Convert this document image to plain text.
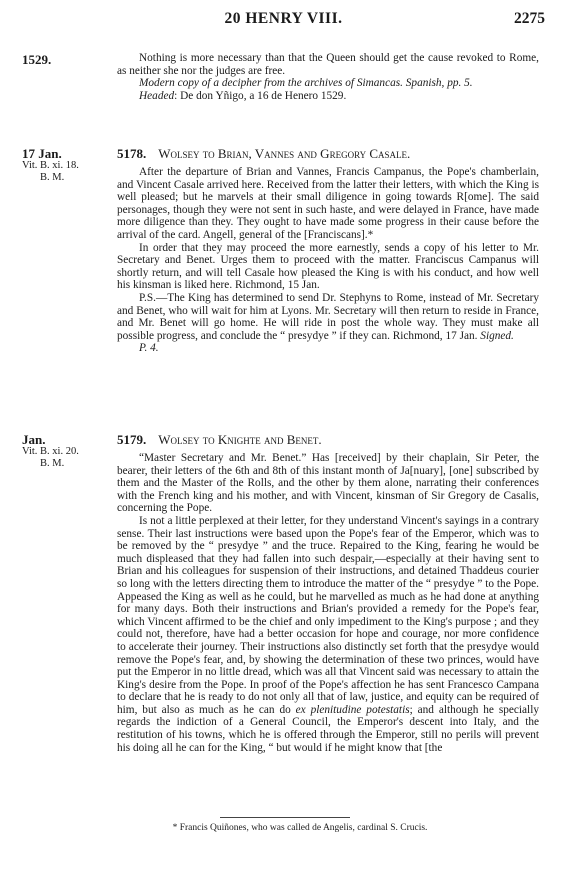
20 HENRY VIII.	2275
1529.	Nothing is more necessary than that the Queen should get the cause revoked to Rome, as neither she nor the judges are free.

Modern copy of a decipher from the archives of Simancas. Spanish, pp. 5.

Headed: De don Yñigo, a 16 de Henero 1529.

17 Jan.
Vit. B. xi. 18.
B. M.
5178. Wolsey to Brian, Vannes and Gregory Casale.

After the departure of Brian and Vannes, Francis Campanus, the Pope's chamberlain, and Vincent Casale arrived here. Received from the latter their letters, with which the King is well pleased; but he marvels at their small diligence in going towards R[ome]. The said personages, though they were not sent in such haste, and were delayed in France, have made more diligence than they. They ought to have made some progress in their cause before the arrival of the card. Angell, general of the [Franciscans].*

In order that they may proceed the more earnestly, sends a copy of his letter to Mr. Secretary and Benet. Urges them to proceed with the matter. Franciscus Campanus will shortly return, and will tell Casale how pleased the King is with his conduct, and how well his kinsman is liked here. Richmond, 15 Jan.

P.S.—The King has determined to send Dr. Stephyns to Rome, instead of Mr. Secretary and Benet, who will wait for him at Lyons. Mr. Secretary will then return to reside in France, and Mr. Benet will go home. He will ride in post the whole way. They must make all possible progress, and conclude the “ presydye ” if they can. Richmond, 17 Jan. Signed.

P. 4.

Jan.
Vit. B. xi. 20.
B. M.
5179. Wolsey to Knighte and Benet.

“Master Secretary and Mr. Benet.” Has [received] by their chaplain, Sir Peter, the bearer, their letters of the 6th and 8th of this instant month of Ja[nuary], [one] subscribed by them and the Master of the Rolls, and the other by them alone, narrating their conferences with the French king and his mother, and with Vincent, kinsman of Sir Gregory de Casalis, concerning the Pope.

Is not a little perplexed at their letter, for they understand Vincent's sayings in a contrary sense. Their last instructions were based upon the Pope's fear of the Emperor, which was to be removed by the “ presydye ” and the truce. Repaired to the King, fearing he would be much displeased that they had fallen into such despair,—especially at their having sent to Brian and his colleagues for suspension of their instructions, and detained Thaddeus courier so long with the letters directing them to introduce the matter of the “ presydye ” to the Pope. Appeased the King as well as he could, but he marvelled as much as he had done at anything for many days. Both their instructions and Brian's provided a remedy for the Pope's fear, which Vincent affirmed to be the chief and only impediment to the King's purpose ; and they could not, therefore, have had a better occasion for hope and courage, nor more confidence to accelerate their journey. Their instructions also distinctly set forth that the presydye would remove the Pope's fear, and, by showing the determination of these two princes, would have put the Emperor in no little dread, which was all that Vincent said was necessary to attain the King's desire from the Pope. In proof of the Pope's affection he has sent Francesco Campana to declare that he is ready to do not only all that of law, justice, and equity can be required of him, but also as much as he can do ex plenitudine potestatis; and although he specially regards the indiction of a General Council, the Emperor's descent into Italy, and the restitution of his towns, which he is offered through the Emperor, still no perils will prevent his doing all he can for the King, “ but would if he might know that [the

* Francis Quiñones, who was called de Angelis, cardinal S. Crucis.
